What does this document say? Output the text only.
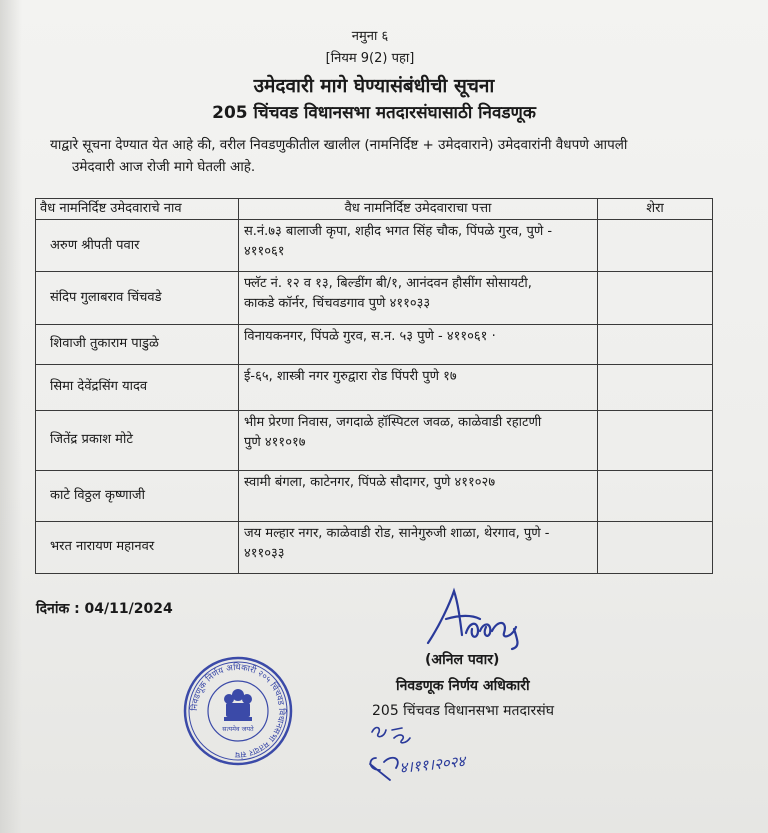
नमुना ६
[नियम 9(2) पहा]
उमेदवारी मागे घेण्यासंबंधीची सूचना
205 चिंचवड विधानसभा मतदारसंघासाठी निवडणूक
याद्वारे सूचना देण्यात येत आहे की, वरील निवडणुकीतील खालील (नामनिर्दिष्ट + उमेदवाराने) उमेदवारांनी वैधपणे आपली
उमेदवारी आज रोजी मागे घेतली आहे.
वैध नामनिर्दिष्ट उमेदवाराचे नाव	वैध नामनिर्दिष्ट उमेदवाराचा पत्ता	शेरा
अरुण श्रीपती पवार	स.नं.७३ बालाजी कृपा, शहीद भगत सिंह चौक, पिंपळे गुरव, पुणे -
४११०६१	

संदिप गुलाबराव चिंचवडे	फ्लॅट नं. १२ व १३, बिल्डींग बी/१, आनंदवन हौसींग सोसायटी,
काकडे कॉर्नर, चिंचवडगाव पुणे ४११०३३	

शिवाजी तुकाराम पाडुळे	विनायकनगर, पिंपळे गुरव, स.न. ५३ पुणे - ४११०६१ ·	

सिमा देवेंद्रसिंग यादव	ई-६५, शास्त्री नगर गुरुद्वारा रोड पिंपरी पुणे १७	

जितेंद्र प्रकाश मोटे	भीम प्रेरणा निवास, जगदाळे हॉस्पिटल जवळ, काळेवाडी रहाटणी
पुणे ४११०१७	

काटे विठ्ठल कृष्णाजी	स्वामी बंगला, काटेनगर, पिंपळे सौदागर, पुणे ४११०२७	

भरत नारायण महानवर	जय मल्हार नगर, काळेवाडी रोड, सानेगुरुजी शाळा, थेरगाव, पुणे -
४११०३३	

दिनांक : 04/11/2024
(अनिल पवार)
निवडणूक निर्णय अधिकारी
205 चिंचवड विधानसभा मतदारसंघ
निवडणूक निर्णय अधिकारी २०५ चिंचवड विधानसभा मतदार संघ
सत्यमेव जयते
४।११।२०२४
